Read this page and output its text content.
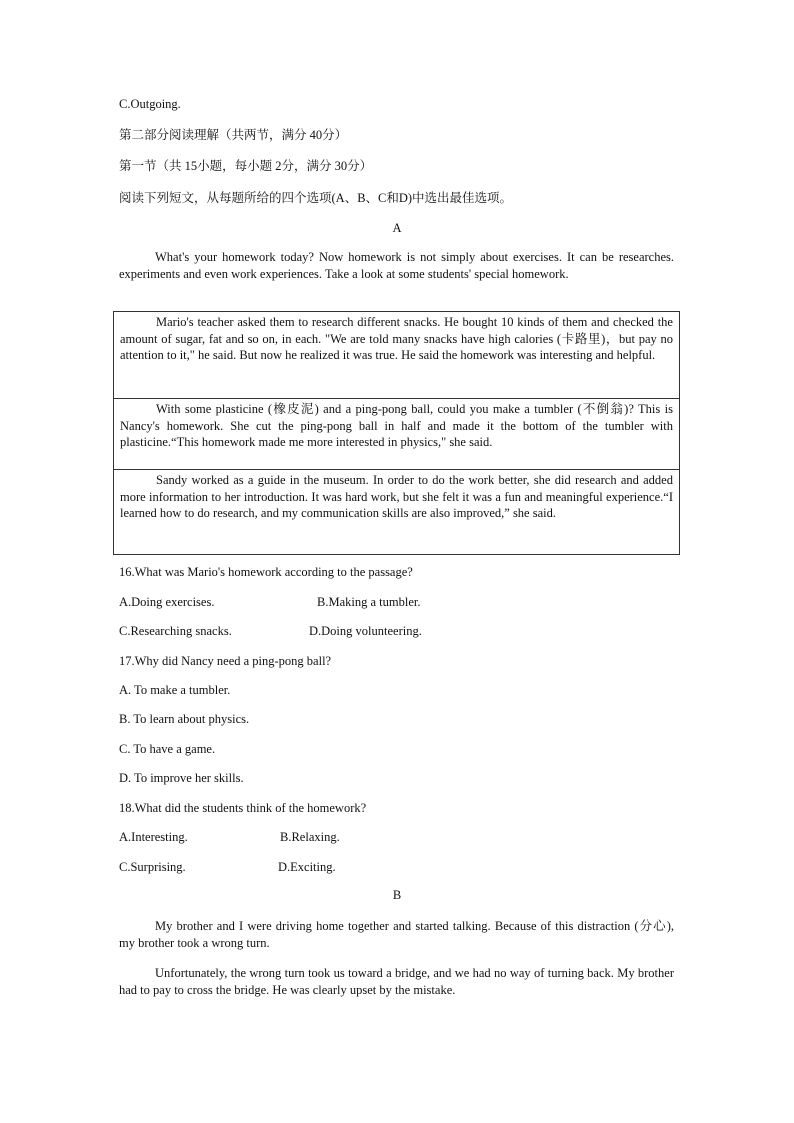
C.Outgoing.
第二部分阅读理解（共两节，满分 40分）
第一节（共 15小题，每小题 2分，满分 30分）
阅读下列短文，从每题所给的四个选项(A、B、C和D)中选出最佳选项。
A

What's your homework today? Now homework is not simply about exercises. It can be researches. experiments and even work experiences. Take a look at some students' special homework.

Mario's teacher asked them to research different snacks. He bought 10 kinds of them and checked the amount of sugar, fat and so on, in each. "We are told many snacks have high calories (卡路里)，but pay no attention to it," he said. But now he realized it was true. He said the homework was interesting and helpful.
With some plasticine (橡皮泥) and a ping-pong ball, could you make a tumbler (不倒翁)? This is Nancy's homework. She cut the ping-pong ball in half and made it the bottom of the tumbler with plasticine.“This homework made me more interested in physics," she said.
Sandy worked as a guide in the museum. In order to do the work better, she did research and added more information to her introduction. It was hard work, but she felt it was a fun and meaningful experience.“I learned how to do research, and my communication skills are also improved,” she said.
16.What was Mario's homework according to the passage?
A.Doing exercises.	B.Making a tumbler.
C.Researching snacks.	D.Doing volunteering.
17.Why did Nancy need a ping-pong ball?
A. To make a tumbler.
B. To learn about physics.
C. To have a game.
D. To improve her skills.
18.What did the students think of the homework?
A.Interesting.	B.Relaxing.
C.Surprising.	D.Exciting.
B

My brother and I were driving home together and started talking. Because of this distraction (分心), my brother took a wrong turn.

Unfortunately, the wrong turn took us toward a bridge, and we had no way of turning back. My brother had to pay to cross the bridge. He was clearly upset by the mistake.
